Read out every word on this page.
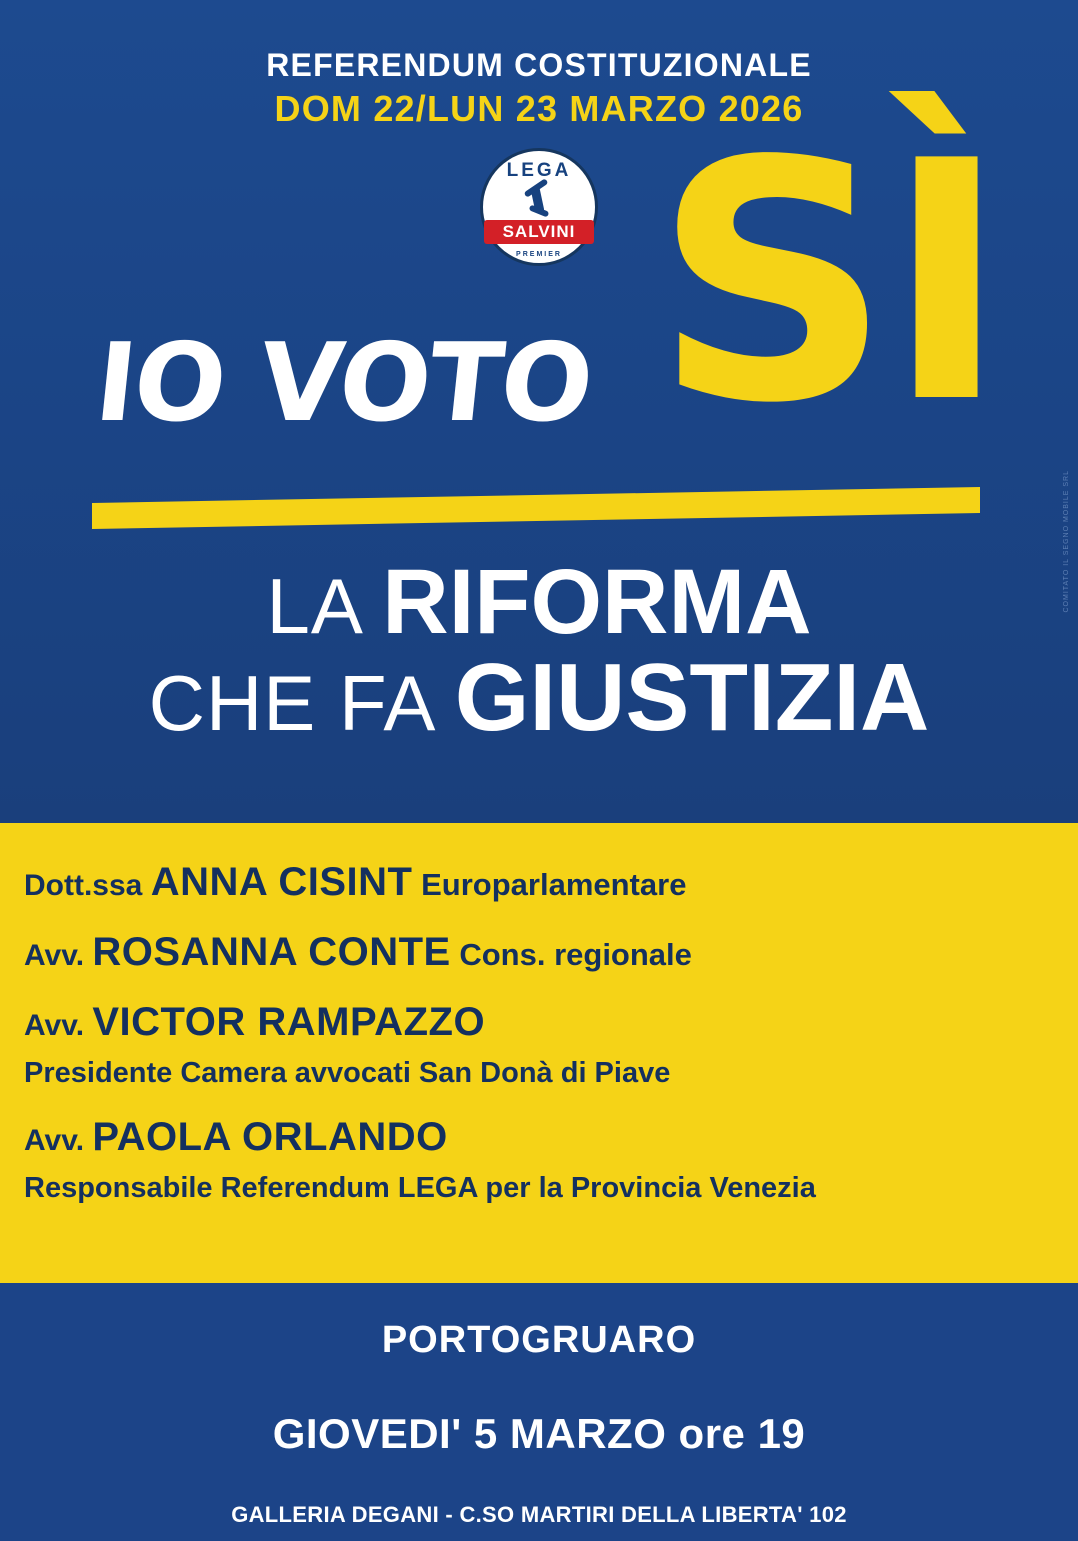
REFERENDUM COSTITUZIONALE
DOM 22/LUN 23 MARZO 2026
LEGA
SALVINI
PREMIER SÌ
IO VOTO
LA RIFORMA
CHE FA GIUSTIZIA
COMITATO IL SEGNO MOBILE SRL
Dott.ssa ANNA CISINT Europarlamentare
Avv. ROSANNA CONTE Cons. regionale
Avv. VICTOR RAMPAZZO
Presidente Camera avvocati San Donà di Piave
Avv. PAOLA ORLANDO
Responsabile Referendum LEGA per la Provincia Venezia
PORTOGRUARO
GIOVEDI' 5 MARZO ore 19
GALLERIA DEGANI - C.SO MARTIRI DELLA LIBERTA' 102
